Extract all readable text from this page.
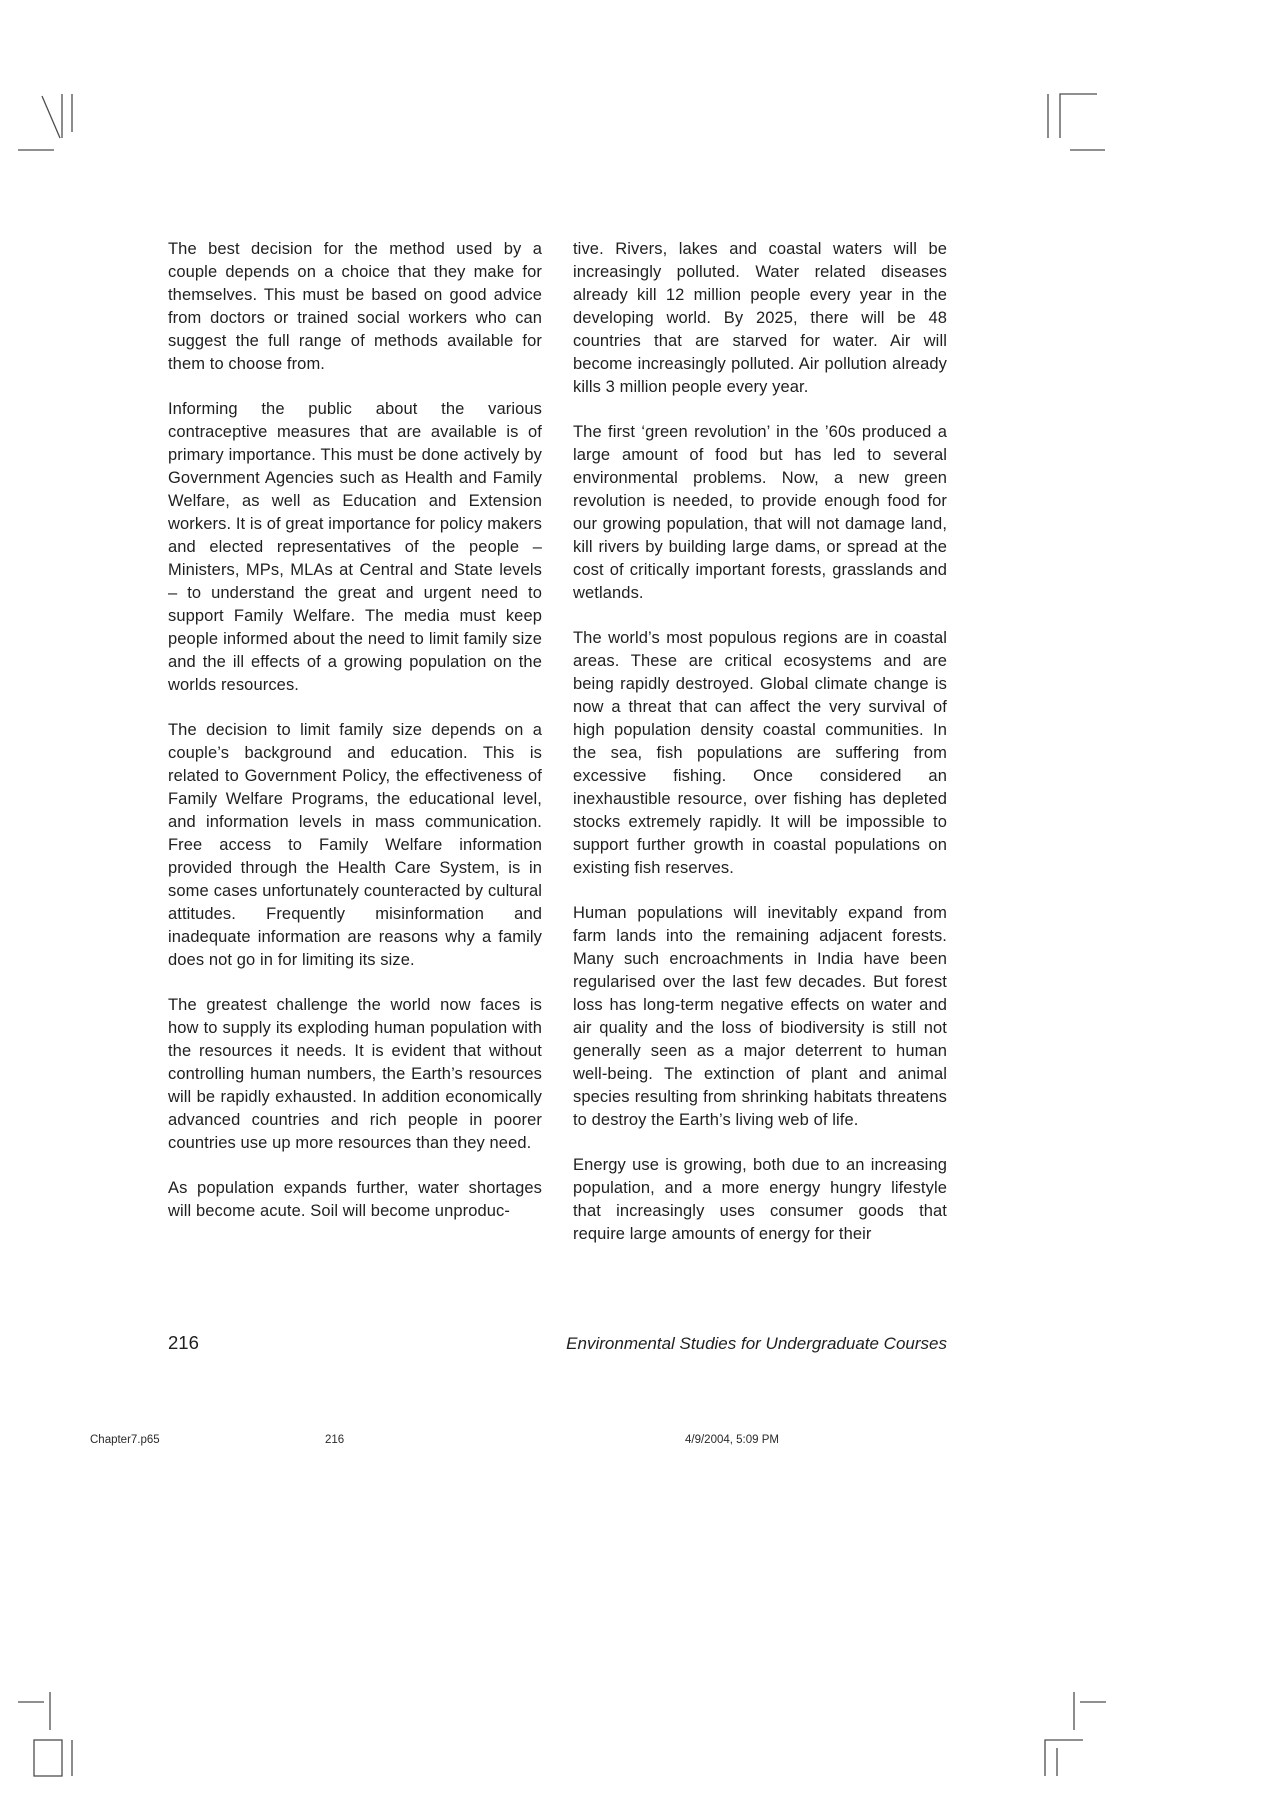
The best decision for the method used by a couple depends on a choice that they make for themselves. This must be based on good advice from doctors or trained social workers who can suggest the full range of methods available for them to choose from.

Informing the public about the various contraceptive measures that are available is of primary importance. This must be done actively by Government Agencies such as Health and Family Welfare, as well as Education and Extension workers. It is of great importance for policy makers and elected representatives of the people – Ministers, MPs, MLAs at Central and State levels – to understand the great and urgent need to support Family Welfare. The media must keep people informed about the need to limit family size and the ill effects of a growing population on the worlds resources.

The decision to limit family size depends on a couple’s background and education. This is related to Government Policy, the effectiveness of Family Welfare Programs, the educational level, and information levels in mass communication. Free access to Family Welfare information provided through the Health Care System, is in some cases unfortunately counteracted by cultural attitudes. Frequently misinformation and inadequate information are reasons why a family does not go in for limiting its size.

The greatest challenge the world now faces is how to supply its exploding human population with the resources it needs. It is evident that without controlling human numbers, the Earth’s resources will be rapidly exhausted. In addition economically advanced countries and rich people in poorer countries use up more resources than they need.

As population expands further, water shortages will become acute. Soil will become unproduc-

tive. Rivers, lakes and coastal waters will be increasingly polluted. Water related diseases already kill 12 million people every year in the developing world. By 2025, there will be 48 countries that are starved for water. Air will become increasingly polluted. Air pollution already kills 3 million people every year.

The first ‘green revolution’ in the ’60s produced a large amount of food but has led to several environmental problems. Now, a new green revolution is needed, to provide enough food for our growing population, that will not damage land, kill rivers by building large dams, or spread at the cost of critically important forests, grasslands and wetlands.

The world’s most populous regions are in coastal areas. These are critical ecosystems and are being rapidly destroyed. Global climate change is now a threat that can affect the very survival of high population density coastal communities. In the sea, fish populations are suffering from excessive fishing. Once considered an inexhaustible resource, over fishing has depleted stocks extremely rapidly. It will be impossible to support further growth in coastal populations on existing fish reserves.

Human populations will inevitably expand from farm lands into the remaining adjacent forests. Many such encroachments in India have been regularised over the last few decades. But forest loss has long-term negative effects on water and air quality and the loss of biodiversity is still not generally seen as a major deterrent to human well-being. The extinction of plant and animal species resulting from shrinking habitats threatens to destroy the Earth’s living web of life.

Energy use is growing, both due to an increasing population, and a more energy hungry lifestyle that increasingly uses consumer goods that require large amounts of energy for their

216	Environmental Studies for Undergraduate Courses
Chapter7.p65	216	4/9/2004, 5:09 PM
